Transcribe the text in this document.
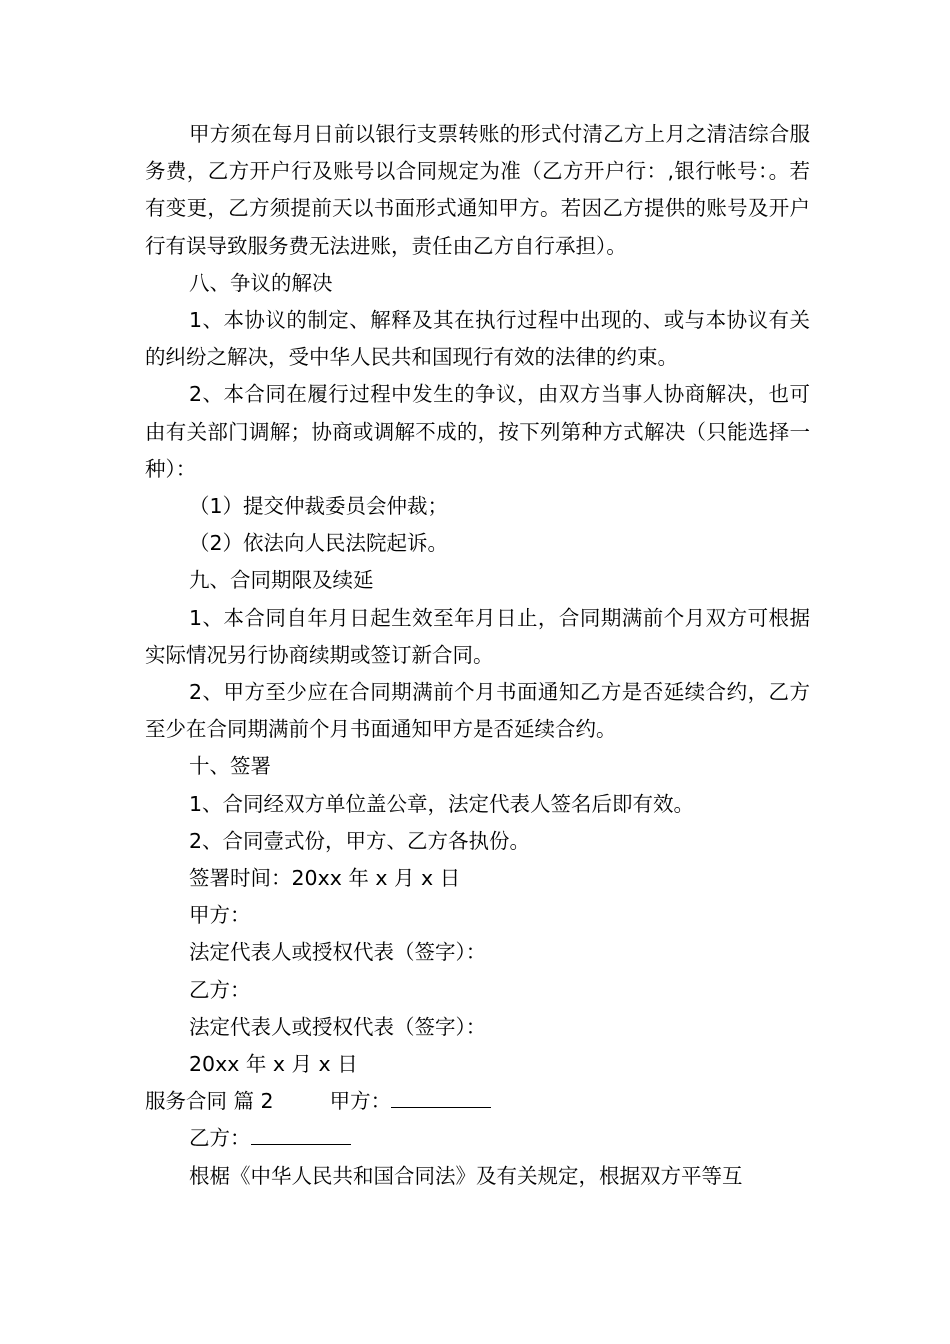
甲方须在每月日前以银行支票转账的形式付清乙方上月之清洁综合服务费，乙方开户行及账号以合同规定为准（乙方开户行：,银行帐号：。若有变更，乙方须提前天以书面形式通知甲方。若因乙方提供的账号及开户行有误导致服务费无法进账，责任由乙方自行承担）。

八、争议的解决

1、本协议的制定、解释及其在执行过程中出现的、或与本协议有关的纠纷之解决，受中华人民共和国现行有效的法律的约束。

2、本合同在履行过程中发生的争议，由双方当事人协商解决，也可由有关部门调解；协商或调解不成的，按下列第种方式解决（只能选择一种）：

（1）提交仲裁委员会仲裁；

（2）依法向人民法院起诉。

九、合同期限及续延

1、本合同自年月日起生效至年月日止，合同期满前个月双方可根据实际情况另行协商续期或签订新合同。

2、甲方至少应在合同期满前个月书面通知乙方是否延续合约，乙方至少在合同期满前个月书面通知甲方是否延续合约。

十、签署

1、合同经双方单位盖公章，法定代表人签名后即有效。

2、合同壹式份，甲方、乙方各执份。

签署时间：20xx 年 x 月 x 日

甲方：

法定代表人或授权代表（签字）：

乙方：

法定代表人或授权代表（签字）：

20xx 年 x 月 x 日

服务合同 篇 2	甲方：
乙方：

根椐《中华人民共和国合同法》及有关规定，根据双方平等互
